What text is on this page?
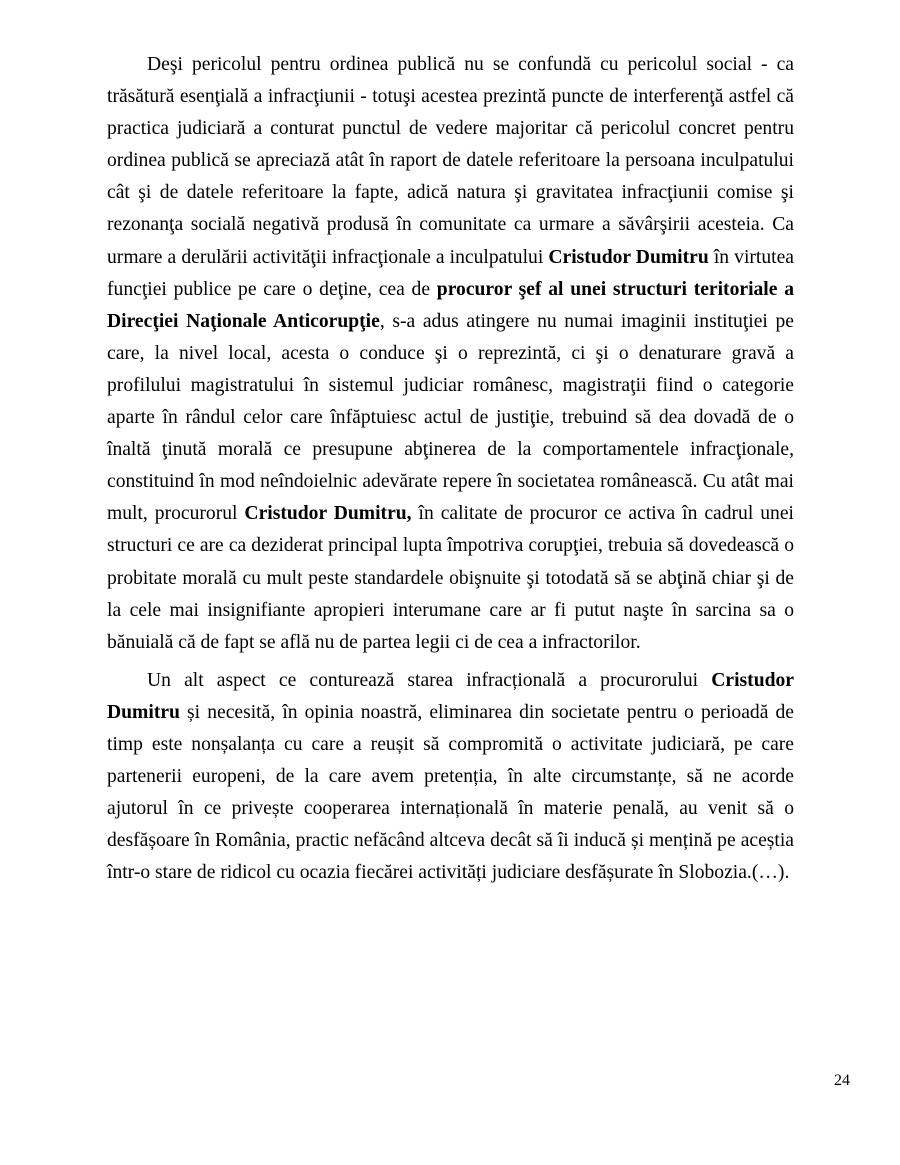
Deşi pericolul pentru ordinea publică nu se confundă cu pericolul social - ca trăsătură esenţială a infracţiunii - totuşi acestea prezintă puncte de interferenţă astfel că practica judiciară a conturat punctul de vedere majoritar că pericolul concret pentru ordinea publică se apreciază atât în raport de datele referitoare la persoana inculpatului cât şi de datele referitoare la fapte, adică natura şi gravitatea infracţiunii comise şi rezonanţa socială negativă produsă în comunitate ca urmare a săvârşirii acesteia. Ca urmare a derulării activităţii infracţionale a inculpatului Cristudor Dumitru în virtutea funcţiei publice pe care o deţine, cea de procuror şef al unei structuri teritoriale a Direcţiei Naţionale Anticorupţie, s-a adus atingere nu numai imaginii instituţiei pe care, la nivel local, acesta o conduce şi o reprezintă, ci şi o denaturare gravă a profilului magistratului în sistemul judiciar românesc, magistraţii fiind o categorie aparte în rândul celor care înfăptuiesc actul de justiţie, trebuind să dea dovadă de o înaltă ţinută morală ce presupune abţinerea de la comportamentele infracţionale, constituind în mod neîndoielnic adevărate repere în societatea românească. Cu atât mai mult, procurorul Cristudor Dumitru, în calitate de procuror ce activa în cadrul unei structuri ce are ca deziderat principal lupta împotriva corupţiei, trebuia să dovedească o probitate morală cu mult peste standardele obişnuite şi totodată să se abţină chiar şi de la cele mai insignifiante apropieri interumane care ar fi putut naşte în sarcina sa o bănuială că de fapt se află nu de partea legii ci de cea a infractorilor.

Un alt aspect ce conturează starea infracțională a procurorului Cristudor Dumitru și necesită, în opinia noastră, eliminarea din societate pentru o perioadă de timp este nonșalanța cu care a reușit să compromită o activitate judiciară, pe care partenerii europeni, de la care avem pretenția, în alte circumstanțe, să ne acorde ajutorul în ce privește cooperarea internațională în materie penală, au venit să o desfășoare în România, practic nefăcând altceva decât să îi inducă și mențină pe aceștia într-o stare de ridicol cu ocazia fiecărei activități judiciare desfășurate în Slobozia.(…).

24
